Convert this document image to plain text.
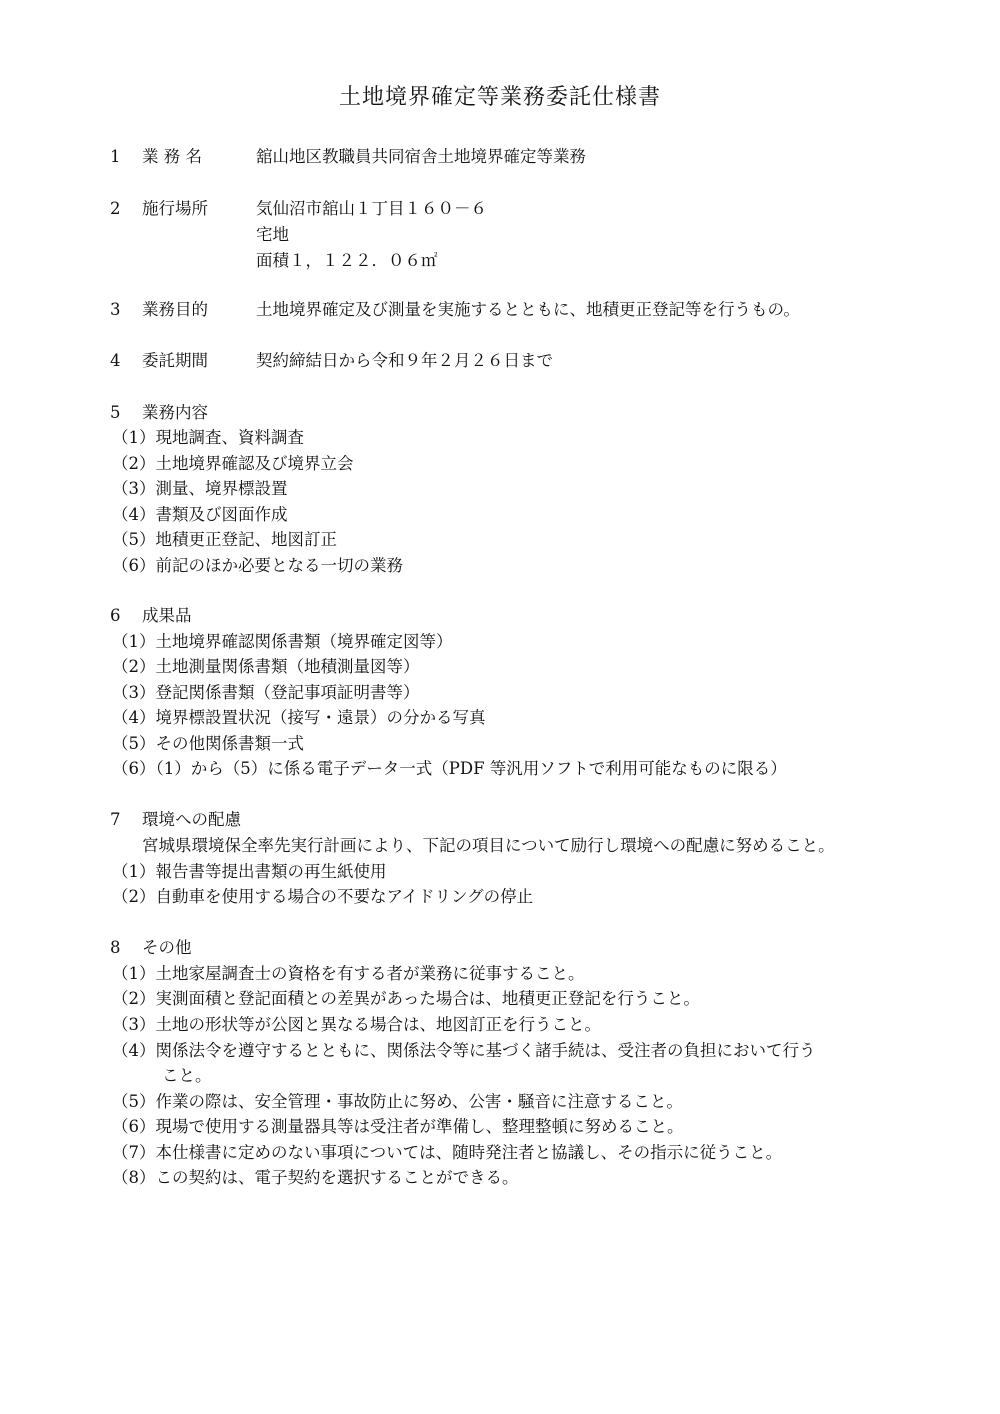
土地境界確定等業務委託仕様書
1 業 務 名	舘山地区教職員共同宿舎土地境界確定等業務
2 施行場所	気仙沼市舘山１丁目１６０－６
宅地
面積１，１２２．０６㎡
3 業務目的	土地境界確定及び測量を実施するとともに、地積更正登記等を行うもの。
4 委託期間	契約締結日から令和９年２月２６日まで
5 業務内容
（1）現地調査、資料調査
（2）土地境界確認及び境界立会
（3）測量、境界標設置
（4）書類及び図面作成
（5）地積更正登記、地図訂正
（6）前記のほか必要となる一切の業務
6 成果品
（1）土地境界確認関係書類（境界確定図等）
（2）土地測量関係書類（地積測量図等）
（3）登記関係書類（登記事項証明書等）
（4）境界標設置状況（接写・遠景）の分かる写真
（5）その他関係書類一式
（6）（1）から（5）に係る電子データ一式（PDF 等汎用ソフトで利用可能なものに限る）
7 環境への配慮
宮城県環境保全率先実行計画により、下記の項目について励行し環境への配慮に努めること。
（1）報告書等提出書類の再生紙使用
（2）自動車を使用する場合の不要なアイドリングの停止
8 その他
（1）土地家屋調査士の資格を有する者が業務に従事すること。
（2）実測面積と登記面積との差異があった場合は、地積更正登記を行うこと。
（3）土地の形状等が公図と異なる場合は、地図訂正を行うこと。
（4）関係法令を遵守するとともに、関係法令等に基づく諸手続は、受注者の負担において行う
こと。
（5）作業の際は、安全管理・事故防止に努め、公害・騒音に注意すること。
（6）現場で使用する測量器具等は受注者が準備し、整理整頓に努めること。
（7）本仕様書に定めのない事項については、随時発注者と協議し、その指示に従うこと。
（8）この契約は、電子契約を選択することができる。
